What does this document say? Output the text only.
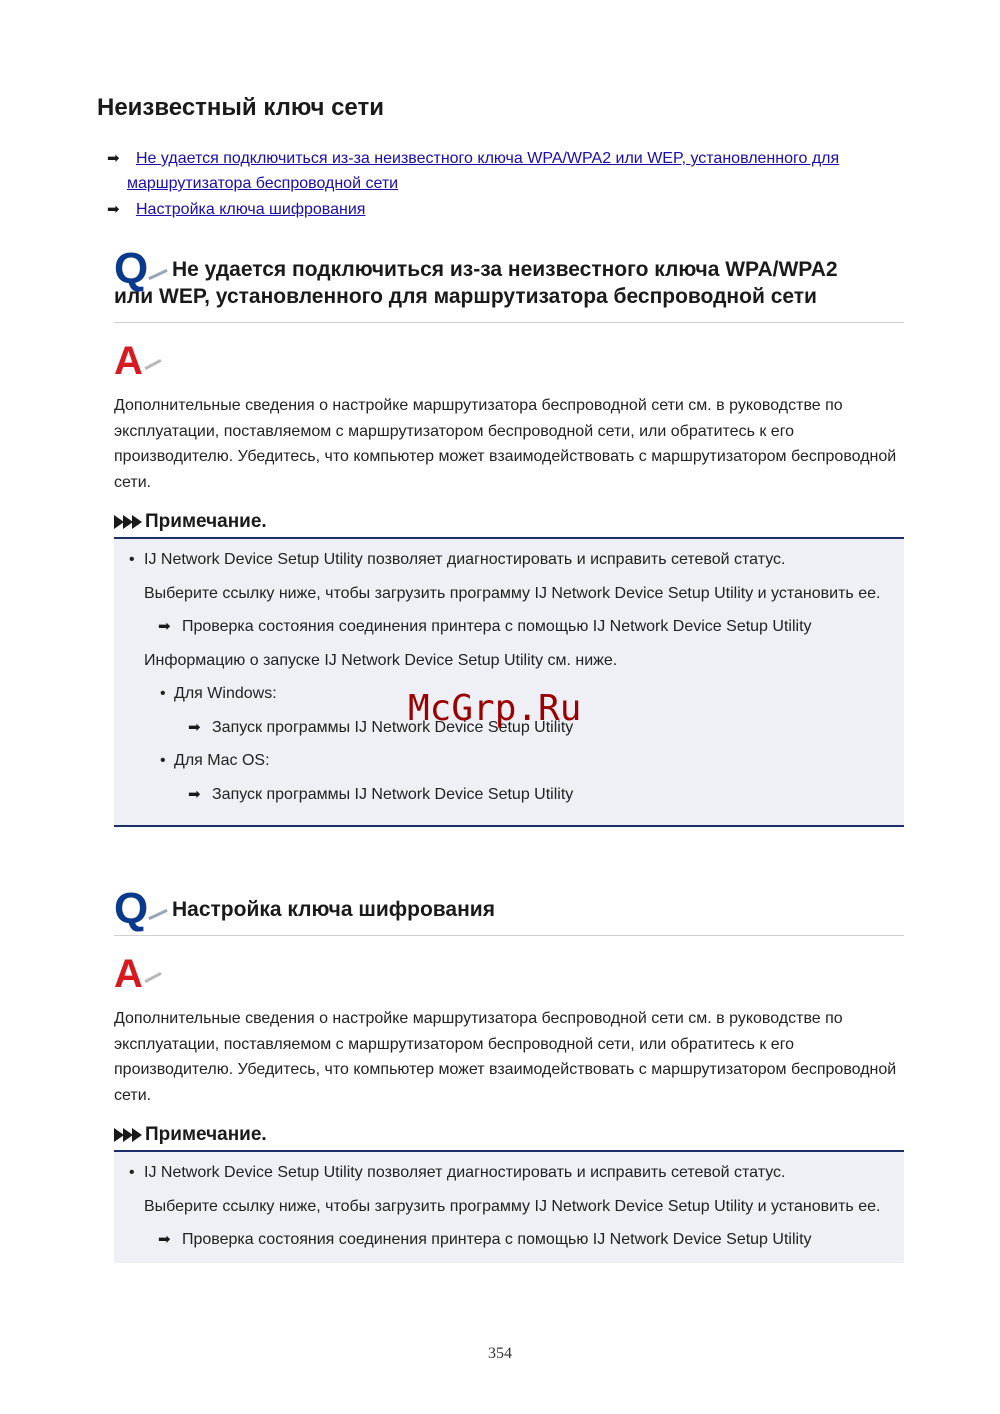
Неизвестный ключ сети
➡ Не удается подключиться из-за неизвестного ключа WPA/WPA2 или WEP, установленного для
маршрутизатора беспроводной сети
➡ Настройка ключа шифрования
Q Не удается подключиться из-за неизвестного ключа WPA/WPA2
или WEP, установленного для маршрутизатора беспроводной сети
A

Дополнительные сведения о настройке маршрутизатора беспроводной сети см. в руководстве по эксплуатации, поставляемом с маршрутизатором беспроводной сети, или обратитесь к его производителю. Убедитесь, что компьютер может взаимодействовать с маршрутизатором беспроводной сети.

Примечание.
• IJ Network Device Setup Utility позволяет диагностировать и исправить сетевой статус.
Выберите ссылку ниже, чтобы загрузить программу IJ Network Device Setup Utility и установить ее.
➡ Проверка состояния соединения принтера с помощью IJ Network Device Setup Utility
Информацию о запуске IJ Network Device Setup Utility см. ниже.
• Для Windows:
➡ Запуск программы IJ Network Device Setup Utility
• Для Mac OS:
➡ Запуск программы IJ Network Device Setup Utility
Q Настройка ключа шифрования
A

Дополнительные сведения о настройке маршрутизатора беспроводной сети см. в руководстве по эксплуатации, поставляемом с маршрутизатором беспроводной сети, или обратитесь к его производителю. Убедитесь, что компьютер может взаимодействовать с маршрутизатором беспроводной сети.

Примечание.
• IJ Network Device Setup Utility позволяет диагностировать и исправить сетевой статус.
Выберите ссылку ниже, чтобы загрузить программу IJ Network Device Setup Utility и установить ее.
➡ Проверка состояния соединения принтера с помощью IJ Network Device Setup Utility
McGrp.Ru
354
